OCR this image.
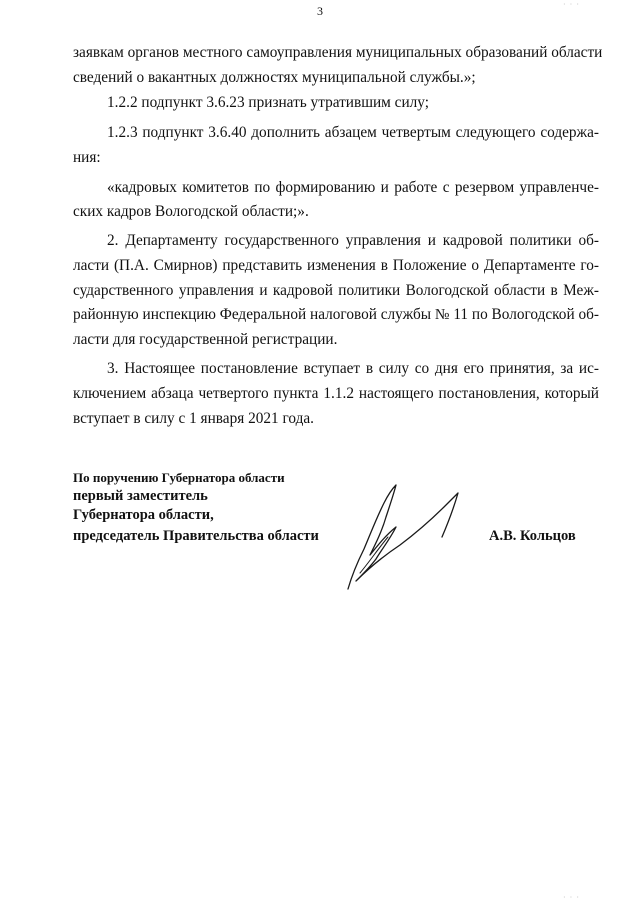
3	· · ·
заявкам органов местного самоуправления муниципальных образований области
сведений о вакантных должностях муниципальной службы.»;
1.2.2 подпункт 3.6.23 признать утратившим силу;
1.2.3 подпункт 3.6.40 дополнить абзацем четвертым следующего содержа-
ния:
«кадровых комитетов по формированию и работе с резервом управленче-
ских кадров Вологодской области;».
2. Департаменту государственного управления и кадровой политики об-
ласти (П.А. Смирнов) представить изменения в Положение о Департаменте го-
сударственного управления и кадровой политики Вологодской области в Меж-
районную инспекцию Федеральной налоговой службы № 11 по Вологодской об-
ласти для государственной регистрации.
3. Настоящее постановление вступает в силу со дня его принятия, за ис-
ключением абзаца четвертого пункта 1.1.2 настоящего постановления, который
вступает в силу с 1 января 2021 года.
По поручению Губернатора области
первый заместитель
Губернатора области,
председатель Правительства области	А.В. Кольцов
· · ·
